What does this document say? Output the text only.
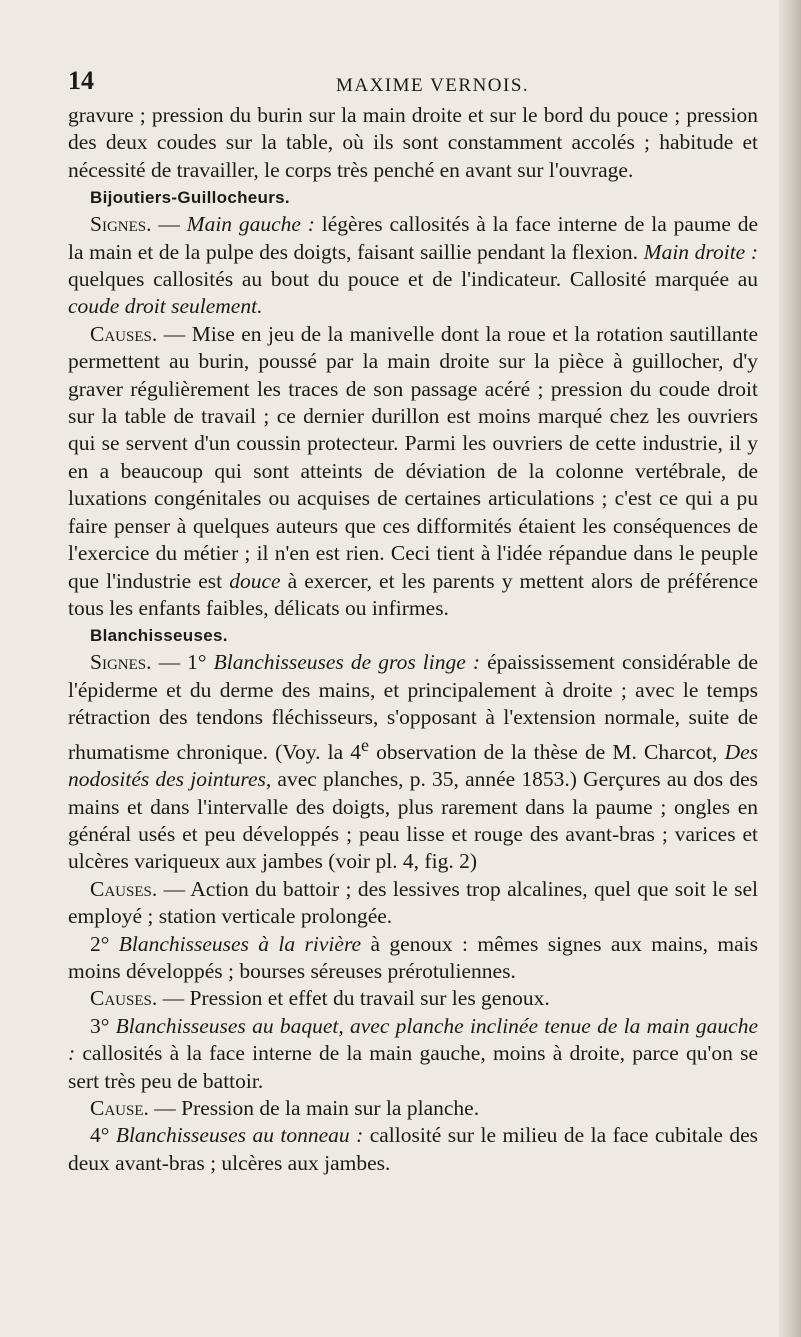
14	MAXIME VERNOIS.

gravure ; pression du burin sur la main droite et sur le bord du pouce ; pression des deux coudes sur la table, où ils sont constamment accolés ; habitude et nécessité de travailler, le corps très penché en avant sur l'ouvrage.

Bijoutiers-Guillocheurs.

Signes. — Main gauche : légères callosités à la face interne de la paume de la main et de la pulpe des doigts, faisant saillie pendant la flexion. Main droite : quelques callosités au bout du pouce et de l'indicateur. Callosité marquée au coude droit seulement.

Causes. — Mise en jeu de la manivelle dont la roue et la rotation sautillante permettent au burin, poussé par la main droite sur la pièce à guillocher, d'y graver régulièrement les traces de son passage acéré ; pression du coude droit sur la table de travail ; ce dernier durillon est moins marqué chez les ouvriers qui se servent d'un coussin protecteur. Parmi les ouvriers de cette industrie, il y en a beaucoup qui sont atteints de déviation de la colonne vertébrale, de luxations congénitales ou acquises de certaines articulations ; c'est ce qui a pu faire penser à quelques auteurs que ces difformités étaient les conséquences de l'exercice du métier ; il n'en est rien. Ceci tient à l'idée répandue dans le peuple que l'industrie est douce à exercer, et les parents y mettent alors de préférence tous les enfants faibles, délicats ou infirmes.

Blanchisseuses.

Signes. — 1° Blanchisseuses de gros linge : épaississement considérable de l'épiderme et du derme des mains, et principalement à droite ; avec le temps rétraction des tendons fléchisseurs, s'opposant à l'extension normale, suite de rhumatisme chronique. (Voy. la 4e observation de la thèse de M. Charcot, Des nodosités des jointures, avec planches, p. 35, année 1853.) Gerçures au dos des mains et dans l'intervalle des doigts, plus rarement dans la paume ; ongles en général usés et peu développés ; peau lisse et rouge des avant-bras ; varices et ulcères variqueux aux jambes (voir pl. 4, fig. 2)

Causes. — Action du battoir ; des lessives trop alcalines, quel que soit le sel employé ; station verticale prolongée.

2° Blanchisseuses à la rivière à genoux : mêmes signes aux mains, mais moins développés ; bourses séreuses prérotuliennes.

Causes. — Pression et effet du travail sur les genoux.

3° Blanchisseuses au baquet, avec planche inclinée tenue de la main gauche : callosités à la face interne de la main gauche, moins à droite, parce qu'on se sert très peu de battoir.

Cause. — Pression de la main sur la planche.

4° Blanchisseuses au tonneau : callosité sur le milieu de la face cubitale des deux avant-bras ; ulcères aux jambes.
